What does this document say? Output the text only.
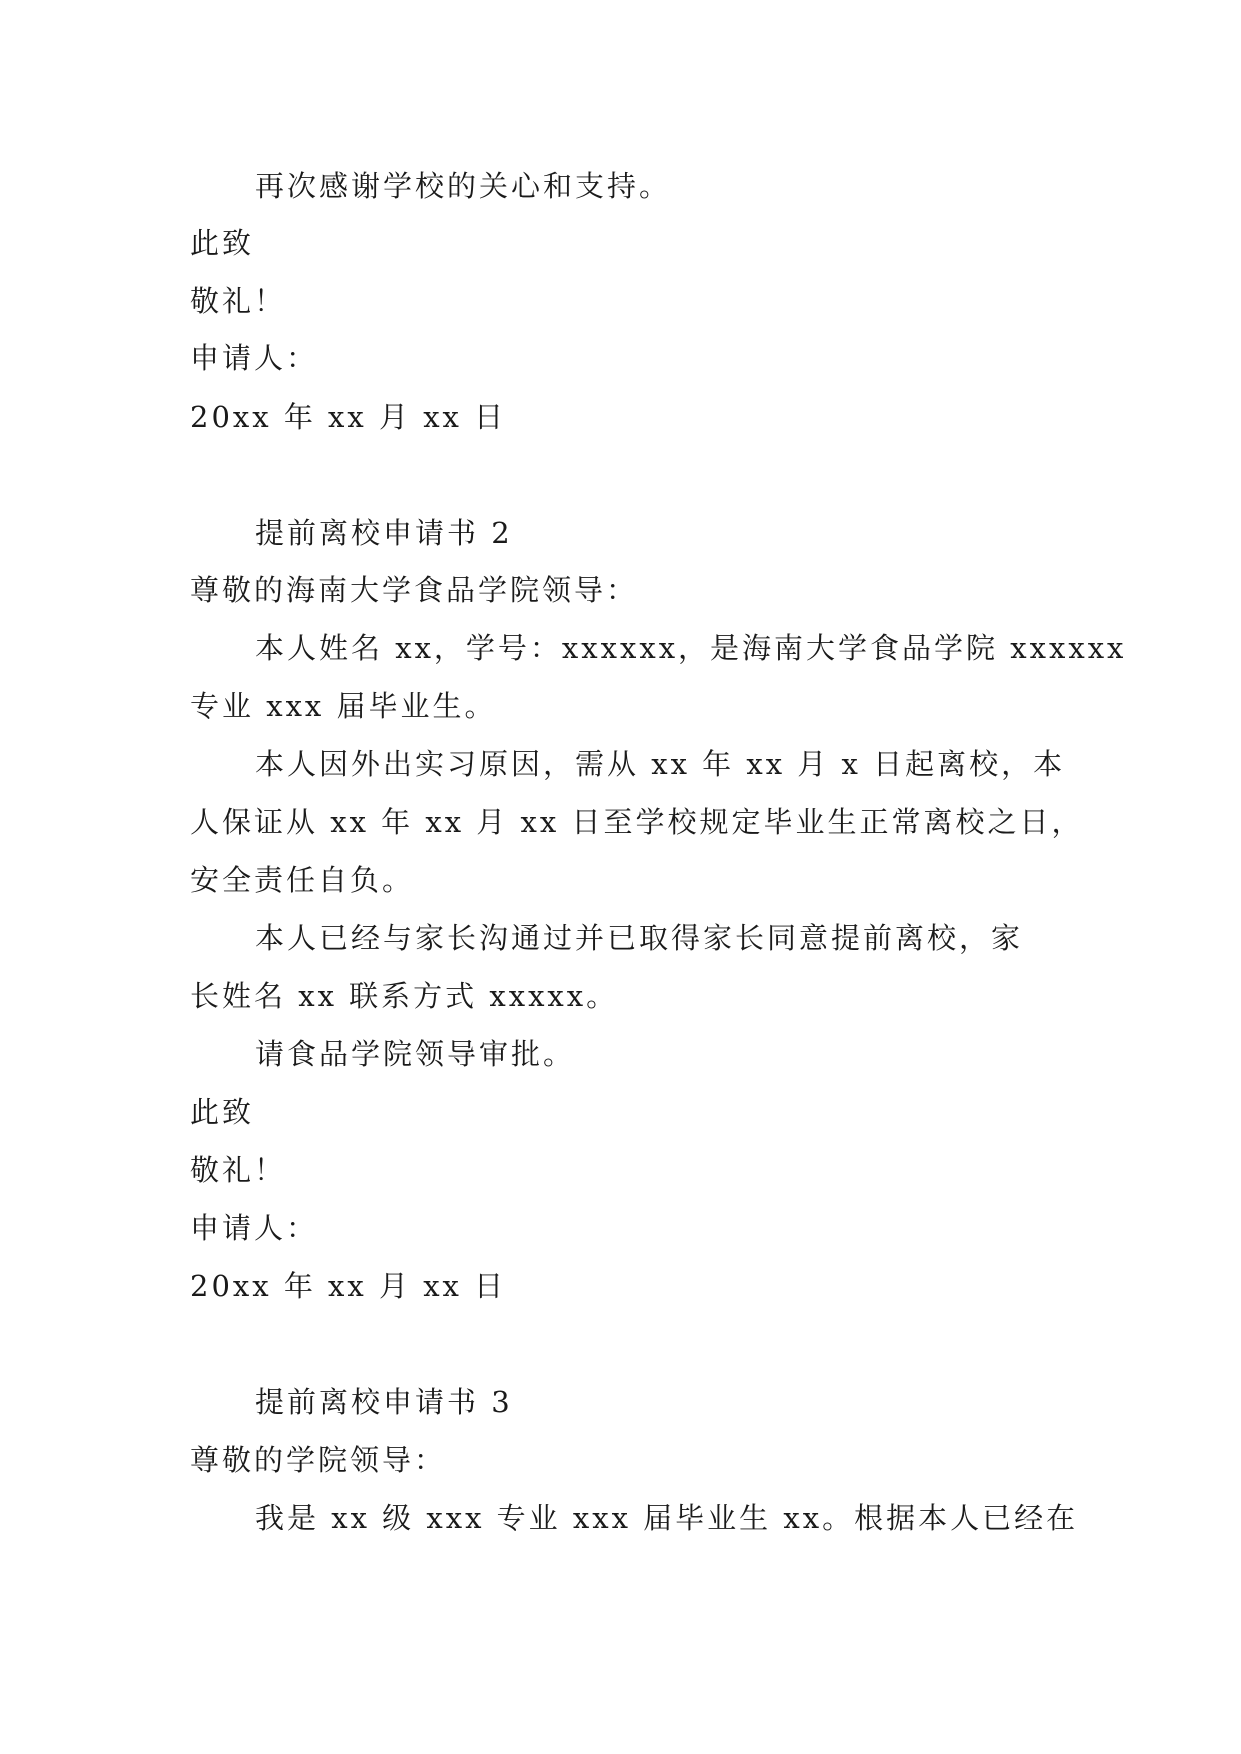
再次感谢学校的关心和支持。
此致
敬礼！
申请人：
20xx 年 xx 月 xx 日
提前离校申请书 2
尊敬的海南大学食品学院领导：
本人姓名 xx，学号：xxxxxx，是海南大学食品学院 xxxxxx
专业 xxx 届毕业生。
本人因外出实习原因，需从 xx 年 xx 月 x 日起离校，本
人保证从 xx 年 xx 月 xx 日至学校规定毕业生正常离校之日，
安全责任自负。
本人已经与家长沟通过并已取得家长同意提前离校，家
长姓名 xx 联系方式 xxxxx。
请食品学院领导审批。
此致
敬礼！
申请人：
20xx 年 xx 月 xx 日
提前离校申请书 3
尊敬的学院领导：
我是 xx 级 xxx 专业 xxx 届毕业生 xx。根据本人已经在
